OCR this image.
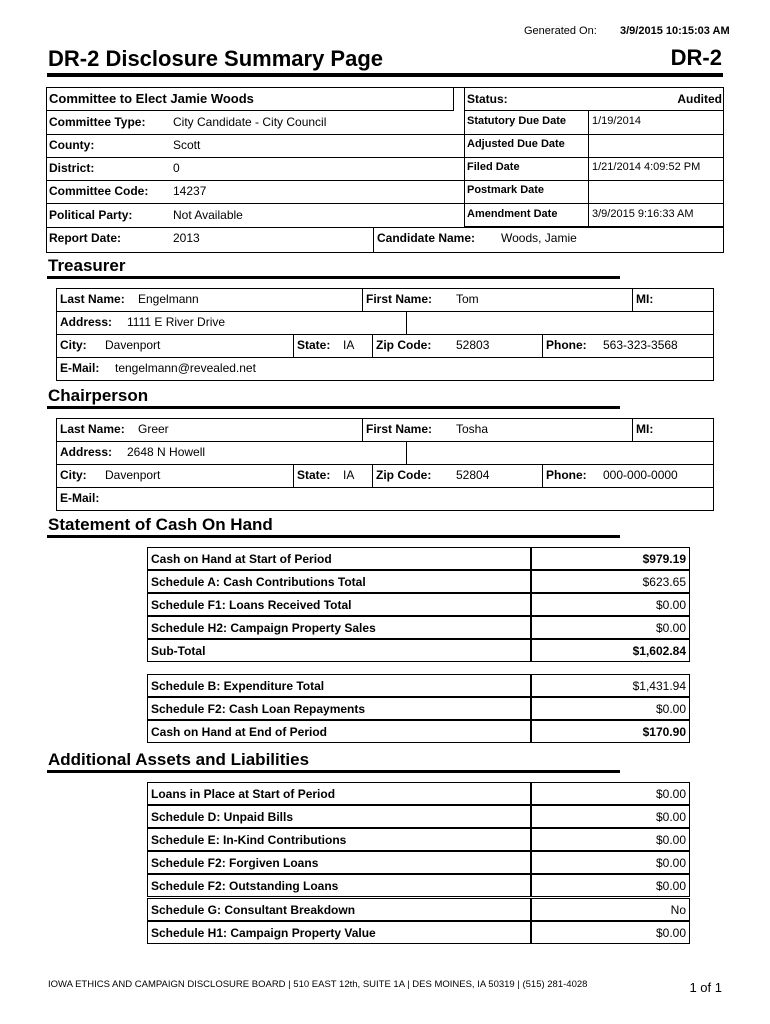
Generated On: 3/9/2015 10:15:03 AM
DR-2 Disclosure Summary Page	DR-2
Committee to Elect Jamie Woods
Committee Type: City Candidate - City Council
County:	Scott
District:	0
Committee Code: 14237
Political Party:	Not Available
Report Date:	2013	Candidate Name: Woods, Jamie
Status:	Audited
Statutory Due Date 1/19/2014
Adjusted Due Date
Filed Date	1/21/2014 4:09:52 PM
Postmark Date
Amendment Date	3/9/2015 9:16:33 AM
Treasurer
Last Name: Engelmann	First Name: Tom	MI:
Address: 1111 E River Drive
City: Davenport	State: IA Zip Code: 52803	Phone: 563-323-3568
E-Mail: tengelmann@revealed.net
Chairperson
Last Name: Greer	First Name: Tosha	MI:
Address: 2648 N Howell
City: Davenport	State: IA Zip Code: 52804	Phone: 000-000-0000
E-Mail:
Statement of Cash On Hand
Cash on Hand at Start of Period	$979.19
Schedule A: Cash Contributions Total	$623.65
Schedule F1: Loans Received Total	$0.00
Schedule H2: Campaign Property Sales	$0.00
Sub-Total	$1,602.84
Schedule B: Expenditure Total	$1,431.94
Schedule F2: Cash Loan Repayments	$0.00
Cash on Hand at End of Period	$170.90
Additional Assets and Liabilities
Loans in Place at Start of Period	$0.00
Schedule D: Unpaid Bills	$0.00
Schedule E: In-Kind Contributions	$0.00
Schedule F2: Forgiven Loans	$0.00
Schedule F2: Outstanding Loans	$0.00
Schedule G: Consultant Breakdown	No
Schedule H1: Campaign Property Value	$0.00
IOWA ETHICS AND CAMPAIGN DISCLOSURE BOARD | 510 EAST 12th, SUITE 1A | DES MOINES, IA 50319 | (515) 281-4028	1 of 1
